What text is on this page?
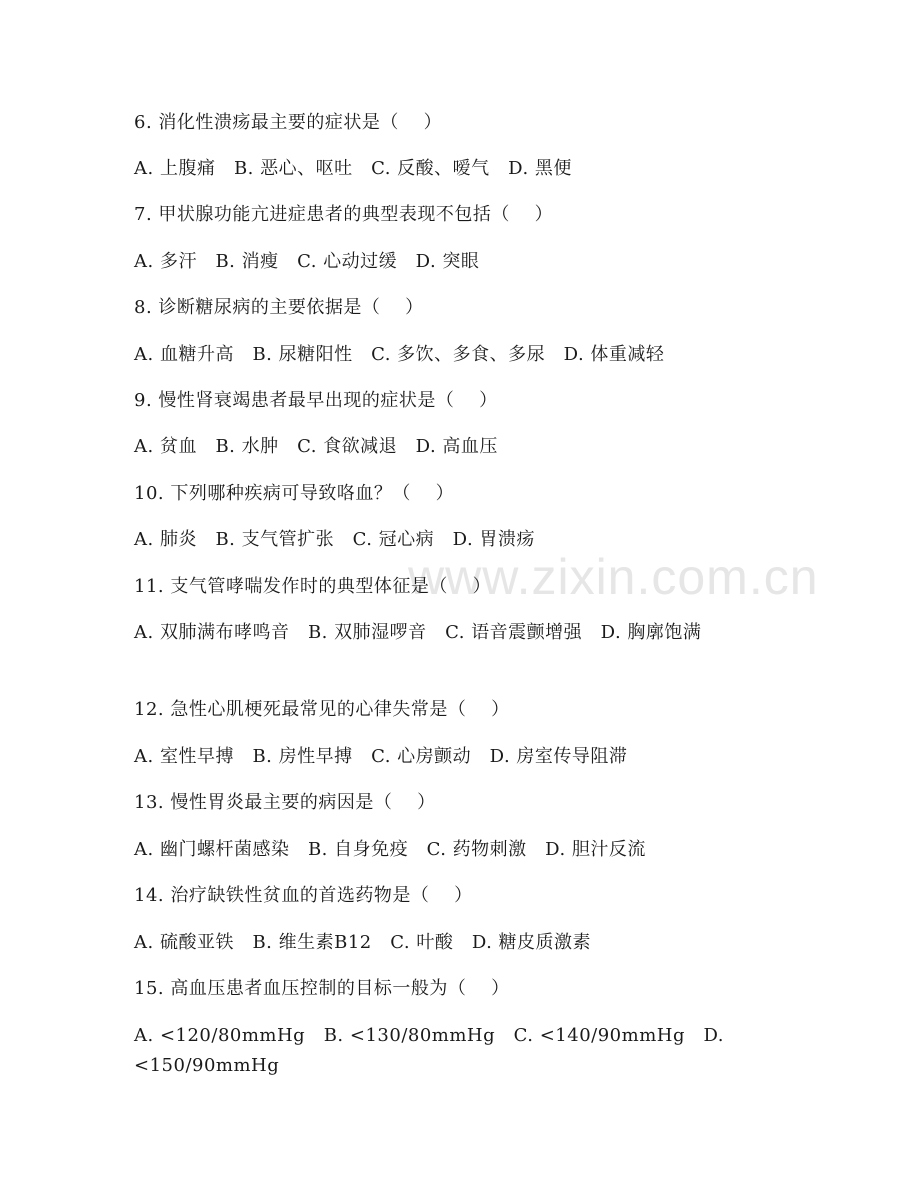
www.zixin.com.cn
6. 消化性溃疡最主要的症状是（　 ）
A. 上腹痛　B. 恶心、呕吐　C. 反酸、嗳气　D. 黑便
7. 甲状腺功能亢进症患者的典型表现不包括（　 ）
A. 多汗　B. 消瘦　C. 心动过缓　D. 突眼
8. 诊断糖尿病的主要依据是（　 ）
A. 血糖升高　B. 尿糖阳性　C. 多饮、多食、多尿　D. 体重减轻
9. 慢性肾衰竭患者最早出现的症状是（　 ）
A. 贫血　B. 水肿　C. 食欲减退　D. 高血压
10. 下列哪种疾病可导致咯血？（　 ）
A. 肺炎　B. 支气管扩张　C. 冠心病　D. 胃溃疡
11. 支气管哮喘发作时的典型体征是（　 ）
A. 双肺满布哮鸣音　B. 双肺湿啰音　C. 语音震颤增强　D. 胸廓饱满
12. 急性心肌梗死最常见的心律失常是（　 ）
A. 室性早搏　B. 房性早搏　C. 心房颤动　D. 房室传导阻滞
13. 慢性胃炎最主要的病因是（　 ）
A. 幽门螺杆菌感染　B. 自身免疫　C. 药物刺激　D. 胆汁反流
14. 治疗缺铁性贫血的首选药物是（　 ）
A. 硫酸亚铁　B. 维生素B12　C. 叶酸　D. 糖皮质激素
15. 高血压患者血压控制的目标一般为（　 ）
A. <120/80mmHg　B. <130/80mmHg　C. <140/90mmHg　D. <150/90mmHg
